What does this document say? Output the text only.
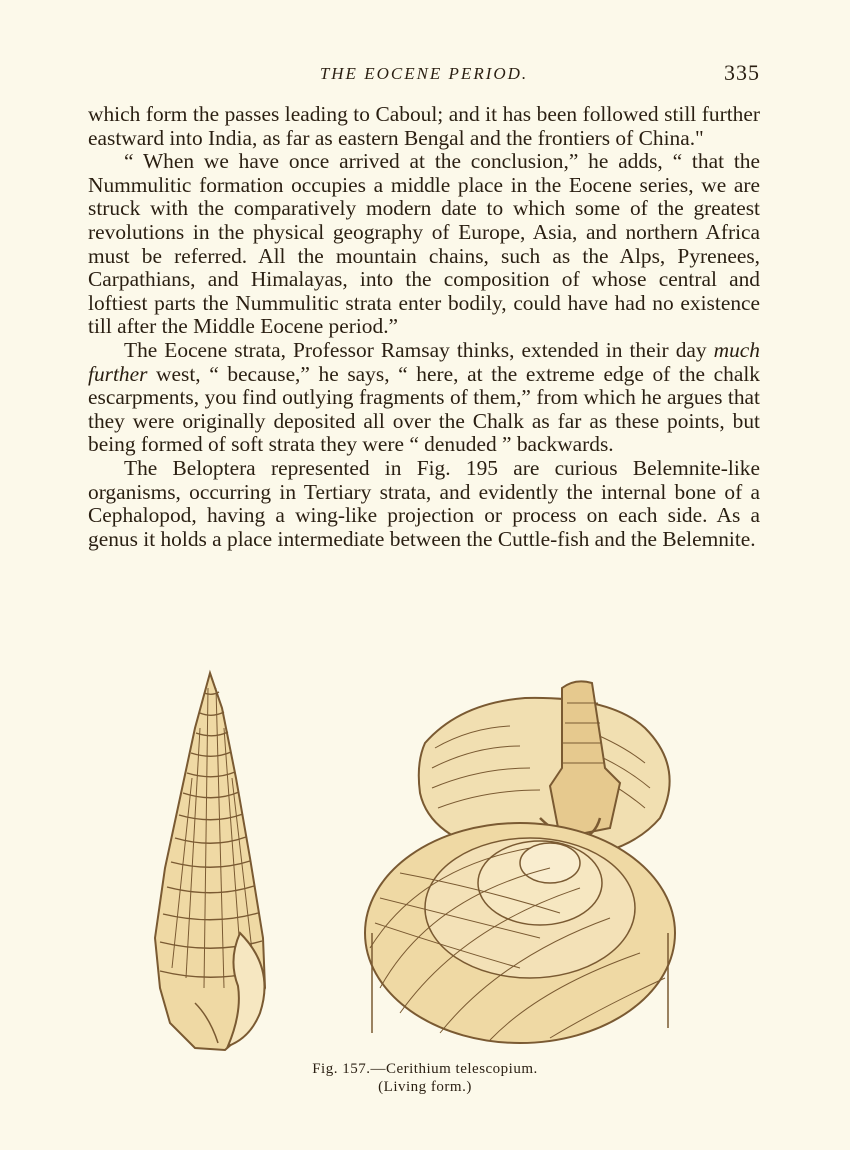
THE EOCENE PERIOD.	335

which form the passes leading to Caboul; and it has been followed still further eastward into India, as far as eastern Bengal and the frontiers of China."

“ When we have once arrived at the conclusion,” he adds, “ that the Nummulitic formation occupies a middle place in the Eocene series, we are struck with the comparatively modern date to which some of the greatest revolutions in the physical geography of Europe, Asia, and northern Africa must be referred. All the mountain chains, such as the Alps, Pyrenees, Carpathians, and Himalayas, into the composition of whose central and loftiest parts the Nummulitic strata enter bodily, could have had no existence till after the Middle Eocene period.”

The Eocene strata, Professor Ramsay thinks, extended in their day much further west, “ because,” he says, “ here, at the extreme edge of the chalk escarpments, you find outlying fragments of them,” from which he argues that they were originally deposited all over the Chalk as far as these points, but being formed of soft strata they were “ denuded ” backwards.

The Beloptera represented in Fig. 195 are curious Belemnite-like organisms, occurring in Tertiary strata, and evidently the internal bone of a Cephalopod, having a wing-like projection or process on each side. As a genus it holds a place intermediate between the Cuttle-fish and the Belemnite.

Fig. 157.—Cerithium telescopium.
(Living form.)
